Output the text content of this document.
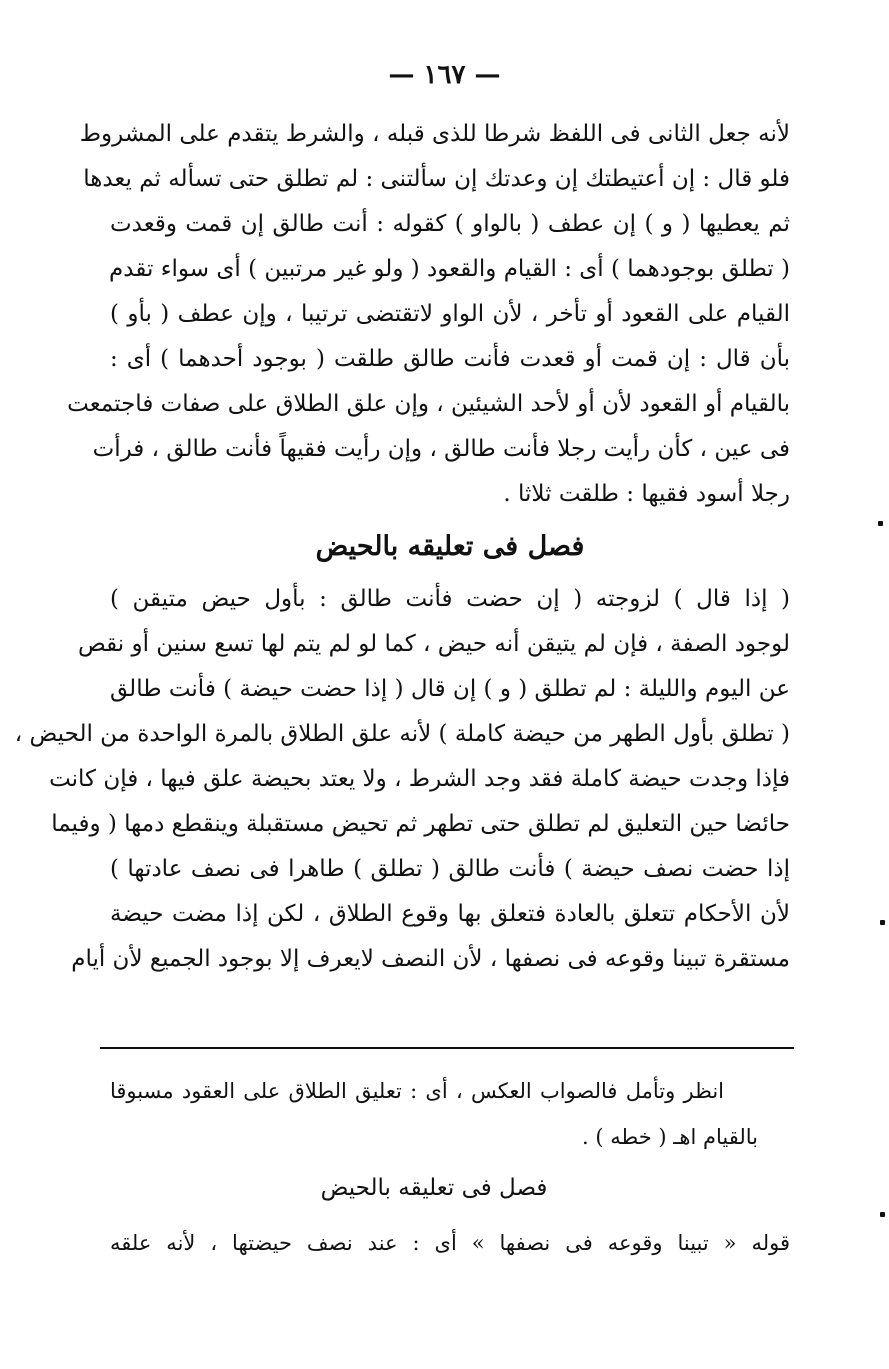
— ١٦٧ —
لأنه جعل الثانى فى اللفظ شرطا للذى قبله ، والشرط يتقدم على المشروط
فلو قال : إن أعتيطتك إن وعدتك إن سألتنى : لم تطلق حتى تسأله ثم يعدها
ثم يعطيها ( و ) إن عطف ( بالواو ) كقوله : أنت طالق إن قمت وقعدت
( تطلق بوجودهما ) أى : القيام والقعود ( ولو غير مرتبين ) أى سواء تقدم
القيام على القعود أو تأخر ، لأن الواو لاتقتضى ترتيبا ، وإن عطف ( بأو )
بأن قال : إن قمت أو قعدت فأنت طالق طلقت ( بوجود أحدهما ) أى :
بالقيام أو القعود لأن أو لأحد الشيئين ، وإن علق الطلاق على صفات فاجتمعت
فى عين ، كأن رأيت رجلا فأنت طالق ، وإن رأيت فقيهاً فأنت طالق ، فرأت
رجلا أسود فقيها : طلقت ثلاثا .
فصل فى تعليقه بالحيض
( إذا قال ) لزوجته ( إن حضت فأنت طالق : بأول حيض متيقن )
لوجود الصفة ، فإن لم يتيقن أنه حيض ، كما لو لم يتم لها تسع سنين أو نقص
عن اليوم والليلة : لم تطلق ( و ) إن قال ( إذا حضت حيضة ) فأنت طالق
( تطلق بأول الطهر من حيضة كاملة ) لأنه علق الطلاق بالمرة الواحدة من الحيض ،
فإذا وجدت حيضة كاملة فقد وجد الشرط ، ولا يعتد بحيضة علق فيها ، فإن كانت
حائضا حين التعليق لم تطلق حتى تطهر ثم تحيض مستقبلة وينقطع دمها ( وفيما
إذا حضت نصف حيضة ) فأنت طالق ( تطلق ) طاهرا فى نصف عادتها )
لأن الأحكام تتعلق بالعادة فتعلق بها وقوع الطلاق ، لكن إذا مضت حيضة
مستقرة تبينا وقوعه فى نصفها ، لأن النصف لايعرف إلا بوجود الجميع لأن أيام
انظر وتأمل فالصواب العكس ، أى : تعليق الطلاق على العقود مسبوقا
بالقيام اهـ ( خطه ) .
فصل فى تعليقه بالحيض
قوله « تبينا وقوعه فى نصفها » أى : عند نصف حيضتها ، لأنه علقه
